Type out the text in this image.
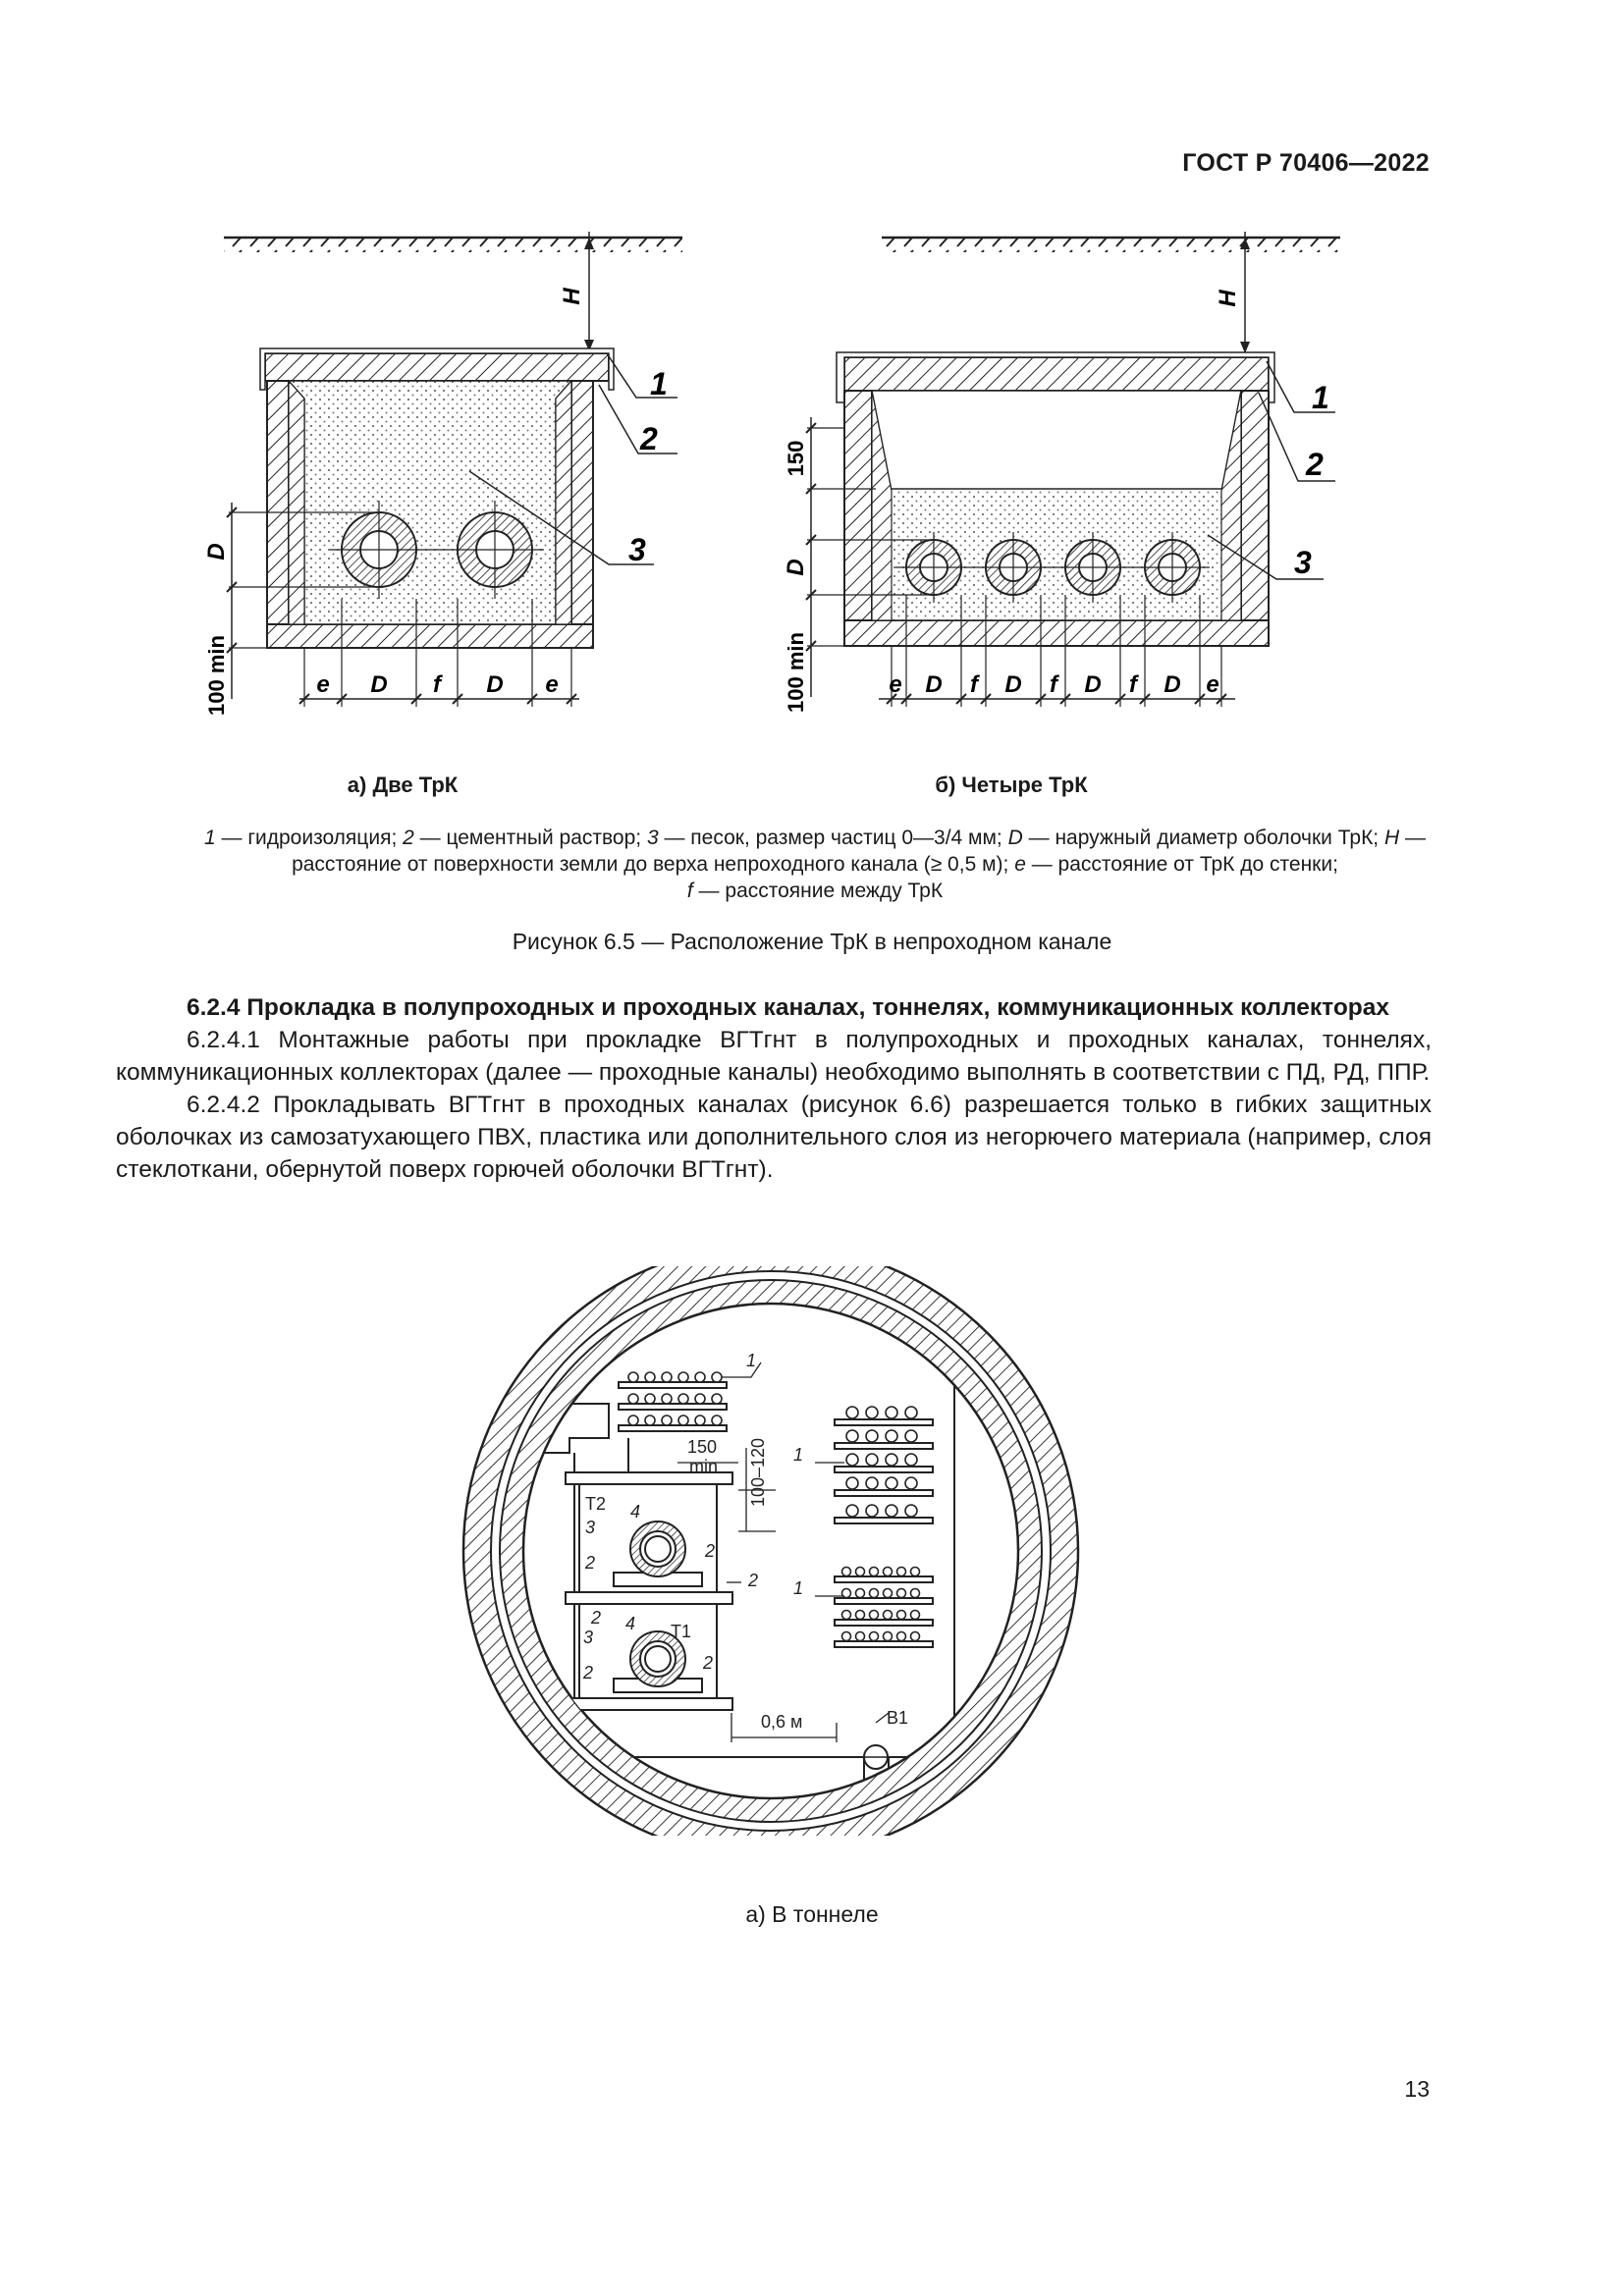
ГОСТ Р 70406—2022
H
D
100 min	e D f D e
1
2
3
H
150
D
100 min	e D f D f D f D e
1
2
3
а) Две ТрК	б) Четыре ТрК
1 — гидроизоляция; 2 — цементный раствор; 3 — песок, размер частиц 0—3/4 мм; D — наружный диаметр оболочки ТрК; H — расстояние от поверхности земли до верха непроходного канала (≥ 0,5 м); е — расстояние от ТрК до стенки;
f — расстояние между ТрК
Рисунок 6.5 — Расположение ТрК в непроходном канале
6.2.4 Прокладка в полупроходных и проходных каналах, тоннелях, коммуникационных коллекторах
6.2.4.1 Монтажные работы при прокладке ВГТгнт в полупроходных и проходных каналах, тоннелях, коммуникационных коллекторах (далее — проходные каналы) необходимо выполнять в соответствии с ПД, РД, ППР.
6.2.4.2 Прокладывать ВГТгнт в проходных каналах (рисунок 6.6) разрешается только в гибких защитных оболочках из самозатухающего ПВХ, пластика или дополнительного слоя из негорючего материала (например, слоя стеклоткани, обернутой поверх горючей оболочки ВГТгнт).
1
1
1
150
min 100–120
Т2
Т1
4
4
3
3
2
2
2
2
2	2
0,6 м	В1
а) В тоннеле
13
